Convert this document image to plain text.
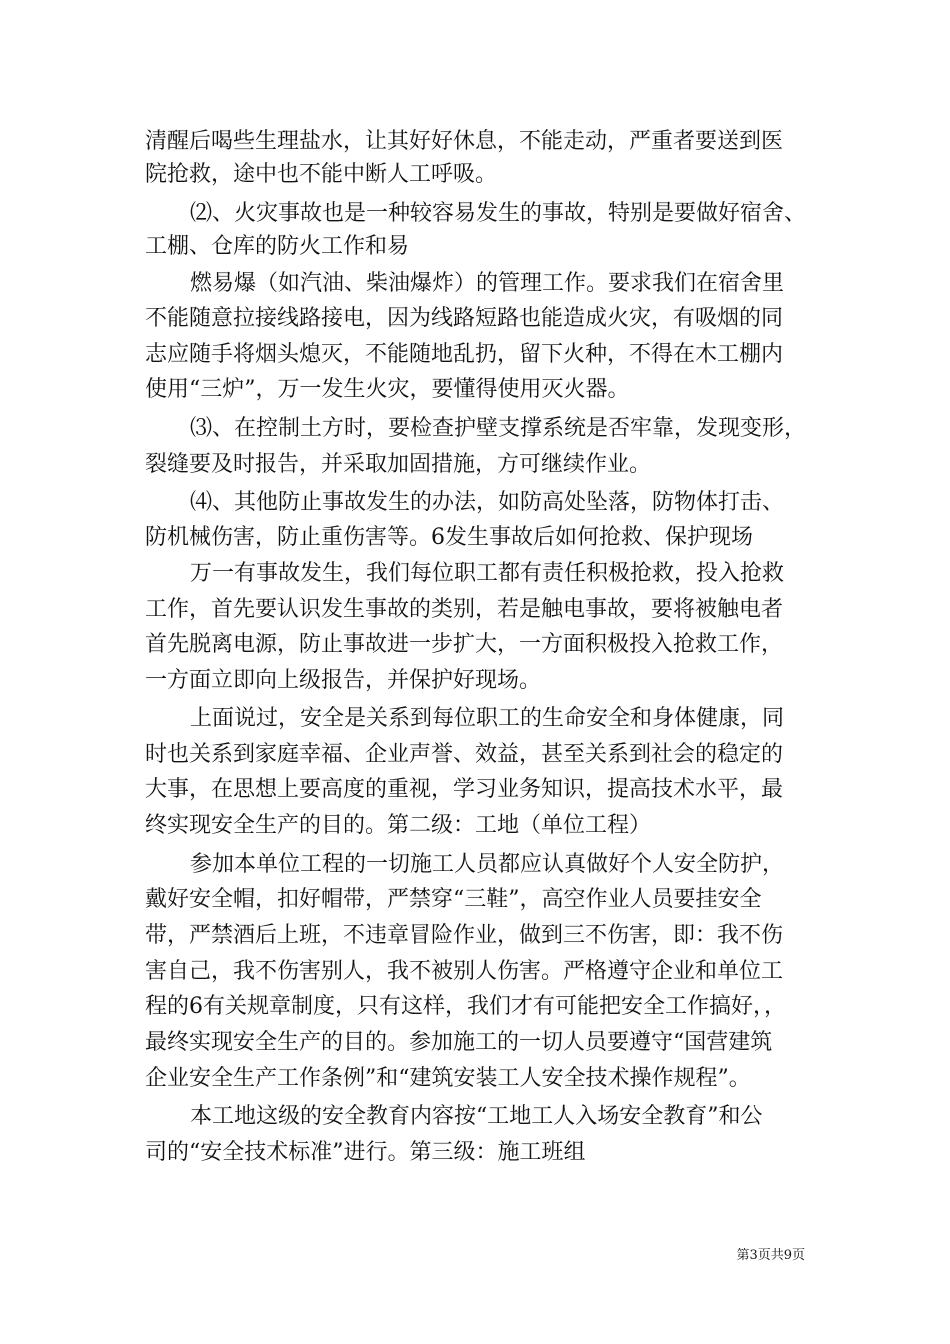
清醒后喝些生理盐水，让其好好休息，不能走动，严重者要送到医
院抢救，途中也不能中断人工呼吸。
⑵、火灾事故也是一种较容易发生的事故，特别是要做好宿舍、
工棚、仓库的防火工作和易
燃易爆（如汽油、柴油爆炸）的管理工作。要求我们在宿舍里
不能随意拉接线路接电，因为线路短路也能造成火灾，有吸烟的同
志应随手将烟头熄灭，不能随地乱扔，留下火种，不得在木工棚内
使用“三炉”，万一发生火灾，要懂得使用灭火器。
⑶、在控制土方时，要检查护壁支撑系统是否牢靠，发现变形，
裂缝要及时报告，并采取加固措施，方可继续作业。
⑷、其他防止事故发生的办法，如防高处坠落，防物体打击、
防机械伤害，防止重伤害等。6发生事故后如何抢救、保护现场
万一有事故发生，我们每位职工都有责任积极抢救，投入抢救
工作，首先要认识发生事故的类别，若是触电事故，要将被触电者
首先脱离电源，防止事故进一步扩大，一方面积极投入抢救工作，
一方面立即向上级报告，并保护好现场。
上面说过，安全是关系到每位职工的生命安全和身体健康，同
时也关系到家庭幸福、企业声誉、效益，甚至关系到社会的稳定的
大事，在思想上要高度的重视，学习业务知识，提高技术水平，最
终实现安全生产的目的。第二级：工地（单位工程）
参加本单位工程的一切施工人员都应认真做好个人安全防护，
戴好安全帽，扣好帽带，严禁穿“三鞋”，高空作业人员要挂安全
带，严禁酒后上班，不违章冒险作业，做到三不伤害，即：我不伤
害自己，我不伤害别人，我不被别人伤害。严格遵守企业和单位工
程的6有关规章制度，只有这样，我们才有可能把安全工作搞好，，
最终实现安全生产的目的。参加施工的一切人员要遵守“国营建筑
企业安全生产工作条例”和“建筑安装工人安全技术操作规程”。
本工地这级的安全教育内容按“工地工人入场安全教育”和公
司的“安全技术标准”进行。第三级：施工班组
第3页共9页
